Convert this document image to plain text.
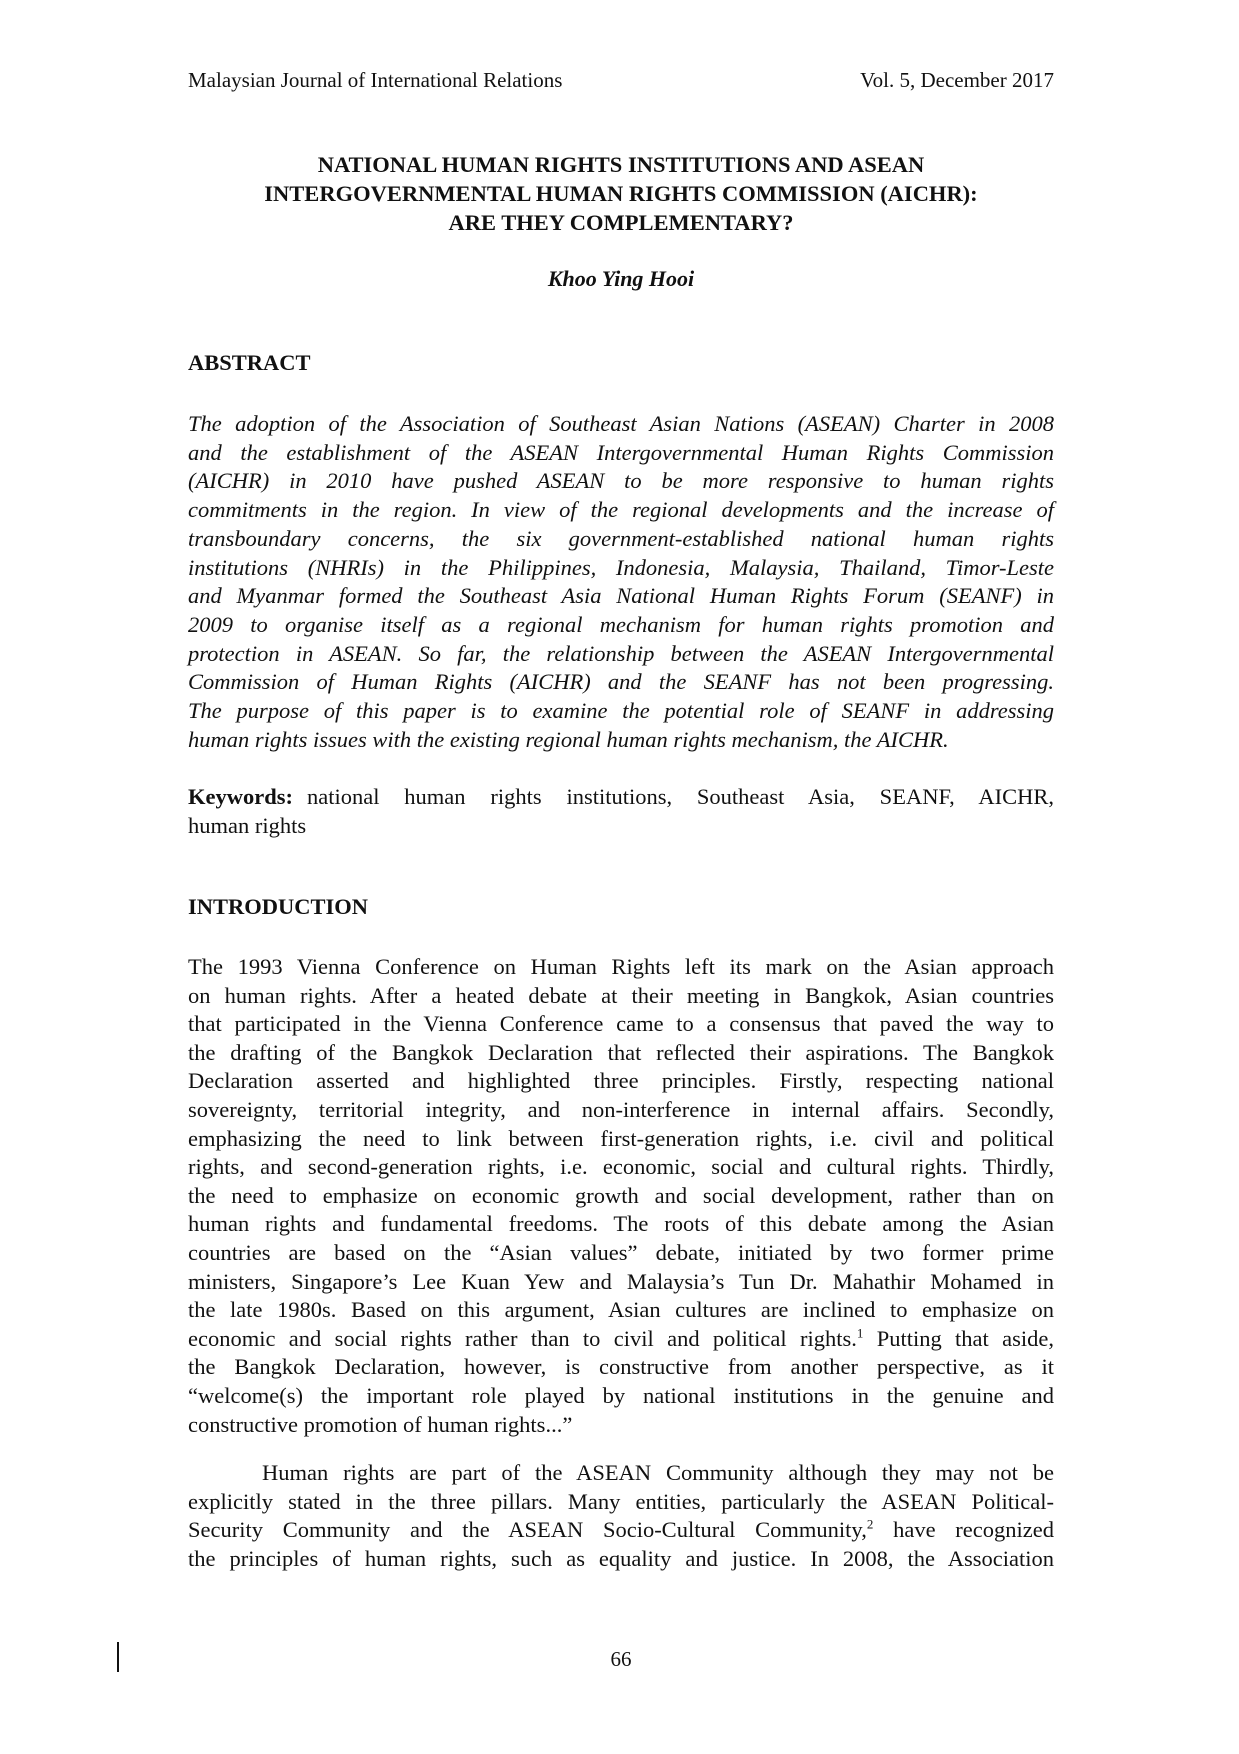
Malaysian Journal of International Relations	Vol. 5, December 2017
NATIONAL HUMAN RIGHTS INSTITUTIONS AND ASEAN
INTERGOVERNMENTAL HUMAN RIGHTS COMMISSION (AICHR):
ARE THEY COMPLEMENTARY?
Khoo Ying Hooi
ABSTRACT
The adoption of the Association of Southeast Asian Nations (ASEAN) Charter in 2008
and the establishment of the ASEAN Intergovernmental Human Rights Commission
(AICHR) in 2010 have pushed ASEAN to be more responsive to human rights
commitments in the region. In view of the regional developments and the increase of
transboundary concerns, the six government-established national human rights
institutions (NHRIs) in the Philippines, Indonesia, Malaysia, Thailand, Timor-Leste
and Myanmar formed the Southeast Asia National Human Rights Forum (SEANF) in
2009 to organise itself as a regional mechanism for human rights promotion and
protection in ASEAN. So far, the relationship between the ASEAN Intergovernmental
Commission of Human Rights (AICHR) and the SEANF has not been progressing.
The purpose of this paper is to examine the potential role of SEANF in addressing
human rights issues with the existing regional human rights mechanism, the AICHR.
Keywords: national human rights institutions, Southeast Asia, SEANF, AICHR,
human rights
INTRODUCTION
The 1993 Vienna Conference on Human Rights left its mark on the Asian approach
on human rights. After a heated debate at their meeting in Bangkok, Asian countries
that participated in the Vienna Conference came to a consensus that paved the way to
the drafting of the Bangkok Declaration that reflected their aspirations. The Bangkok
Declaration asserted and highlighted three principles. Firstly, respecting national
sovereignty, territorial integrity, and non-interference in internal affairs. Secondly,
emphasizing the need to link between first-generation rights, i.e. civil and political
rights, and second-generation rights, i.e. economic, social and cultural rights. Thirdly,
the need to emphasize on economic growth and social development, rather than on
human rights and fundamental freedoms. The roots of this debate among the Asian
countries are based on the “Asian values” debate, initiated by two former prime
ministers, Singapore’s Lee Kuan Yew and Malaysia’s Tun Dr. Mahathir Mohamed in
the late 1980s. Based on this argument, Asian cultures are inclined to emphasize on
economic and social rights rather than to civil and political rights.$^1$ Putting that aside,
the Bangkok Declaration, however, is constructive from another perspective, as it
“welcome(s) the important role played by national institutions in the genuine and
constructive promotion of human rights...”
Human rights are part of the ASEAN Community although they may not be
explicitly stated in the three pillars. Many entities, particularly the ASEAN Political-
Security Community and the ASEAN Socio-Cultural Community,$^2$ have recognized
the principles of human rights, such as equality and justice. In 2008, the Association
66
